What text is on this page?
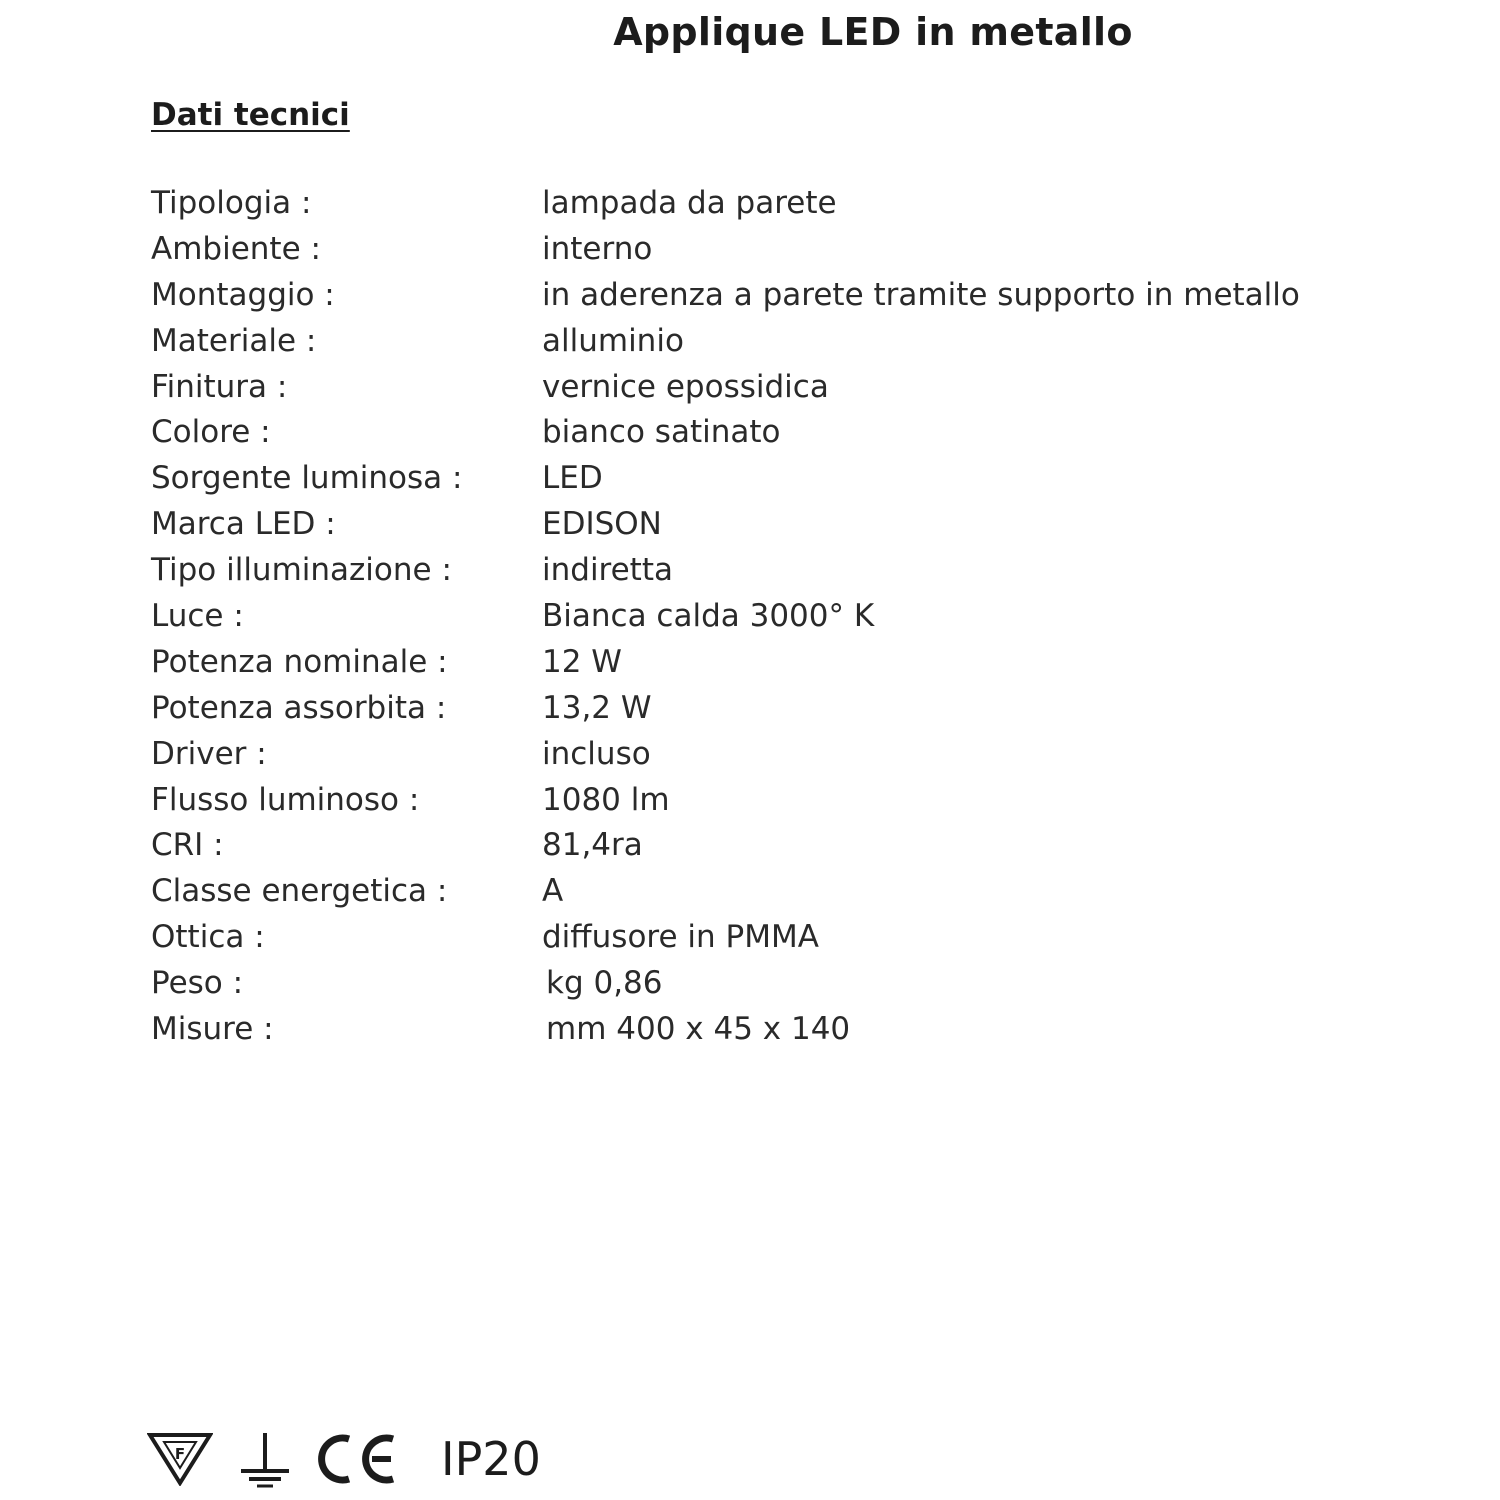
Applique LED in metallo
Dati tecnici
Tipologia :	lampada da parete
Ambiente :	interno
Montaggio :	in aderenza a parete tramite supporto in metallo
Materiale :	alluminio
Finitura :	vernice epossidica
Colore :	bianco satinato
Sorgente luminosa :	LED
Marca LED :	EDISON
Tipo illuminazione :	indiretta
Luce :	Bianca calda 3000° K
Potenza nominale :	12 W
Potenza assorbita :	13,2 W
Driver :	incluso
Flusso luminoso :	1080 lm
CRI :	81,4ra
Classe energetica :	A
Ottica :	diffusore in PMMA
Peso :	kg 0,86
Misure :	mm 400 x 45 x 140
F	IP20
